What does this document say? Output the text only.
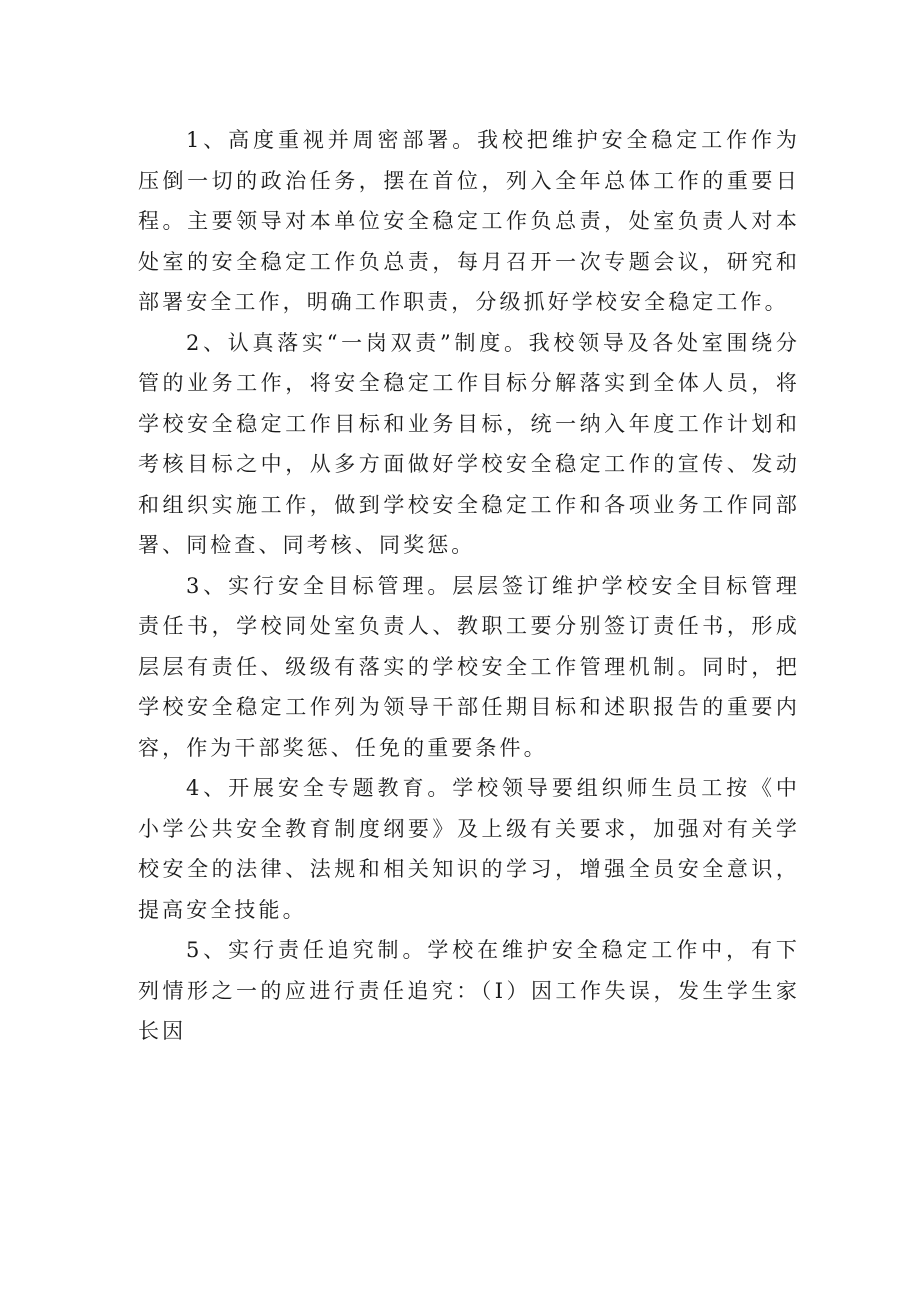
1、高度重视并周密部署。我校把维护安全稳定工作作为压倒一切的政治任务，摆在首位，列入全年总体工作的重要日程。主要领导对本单位安全稳定工作负总责，处室负责人对本处室的安全稳定工作负总责，每月召开一次专题会议，研究和部署安全工作，明确工作职责，分级抓好学校安全稳定工作。

2、认真落实“一岗双责”制度。我校领导及各处室围绕分管的业务工作，将安全稳定工作目标分解落实到全体人员，将学校安全稳定工作目标和业务目标，统一纳入年度工作计划和考核目标之中，从多方面做好学校安全稳定工作的宣传、发动和组织实施工作，做到学校安全稳定工作和各项业务工作同部署、同检查、同考核、同奖惩。

3、实行安全目标管理。层层签订维护学校安全目标管理责任书，学校同处室负责人、教职工要分别签订责任书，形成层层有责任、级级有落实的学校安全工作管理机制。同时，把学校安全稳定工作列为领导干部任期目标和述职报告的重要内容，作为干部奖惩、任免的重要条件。

4、开展安全专题教育。学校领导要组织师生员工按《中小学公共安全教育制度纲要》及上级有关要求，加强对有关学校安全的法律、法规和相关知识的学习，增强全员安全意识，提高安全技能。

5、实行责任追究制。学校在维护安全稳定工作中，有下列情形之一的应进行责任追究：（I）因工作失误，发生学生家长因
